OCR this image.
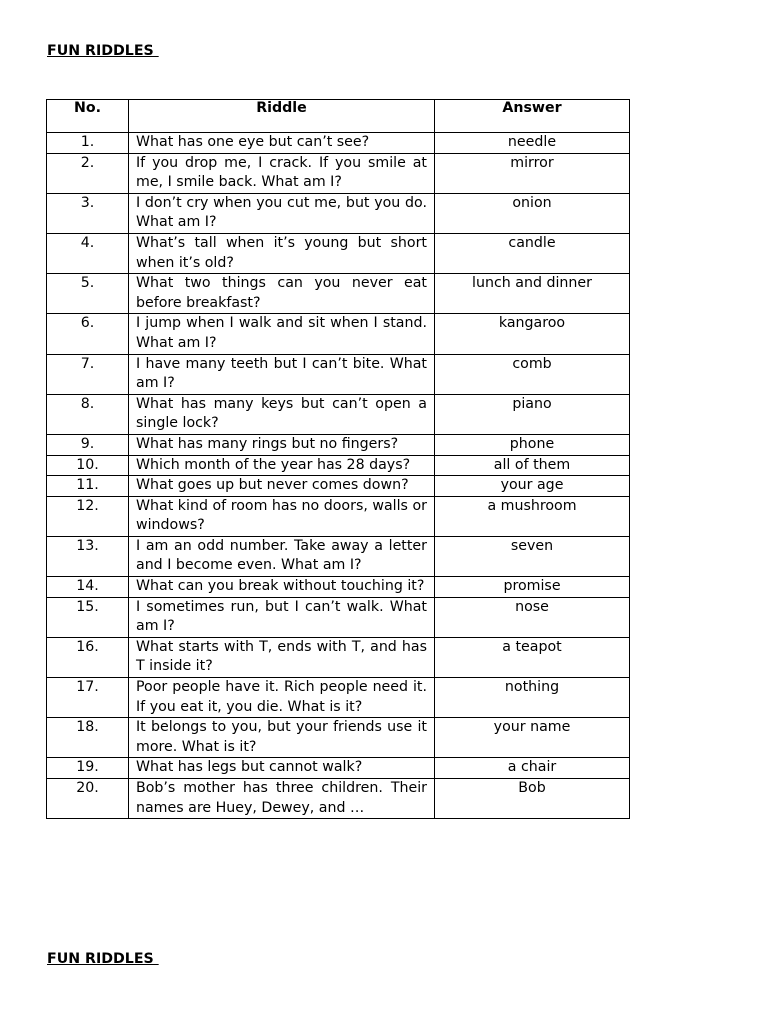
FUN RIDDLES
No.	Riddle	Answer
1.	What has one eye but can’t see?	needle
2.	If you drop me, I crack. If you smile at me, I smile back. What am I?	mirror
3.	I don’t cry when you cut me, but you do. What am I?	onion
4.	What’s tall when it’s young but short when it’s old?	candle
5.	What two things can you never eat before breakfast?	lunch and dinner
6.	I jump when I walk and sit when I stand. What am I?	kangaroo
7.	I have many teeth but I can’t bite. What am I?	comb
8.	What has many keys but can’t open a single lock?	piano
9.	What has many rings but no fingers?	phone
10.	Which month of the year has 28 days?	all of them
11.	What goes up but never comes down?	your age
12.	What kind of room has no doors, walls or windows?	a mushroom
13.	I am an odd number. Take away a letter and I become even. What am I?	seven
14.	What can you break without touching it?	promise
15.	I sometimes run, but I can’t walk. What am I?	nose
16.	What starts with T, ends with T, and has T inside it?	a teapot
17.	Poor people have it. Rich people need it. If you eat it, you die. What is it?	nothing
18.	It belongs to you, but your friends use it more. What is it?	your name
19.	What has legs but cannot walk?	a chair
20.	Bob’s mother has three children. Their names are Huey, Dewey, and …	Bob
FUN RIDDLES
